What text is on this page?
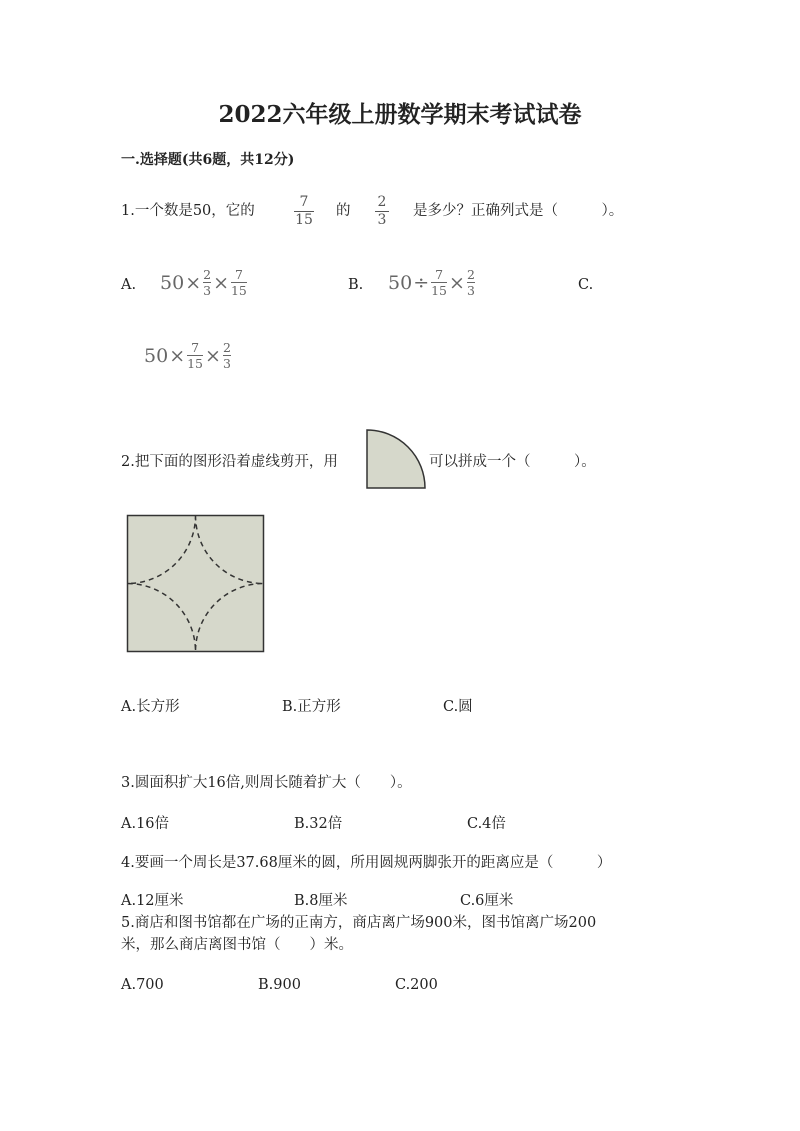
2022六年级上册数学期末考试试卷
一.选择题(共6题，共12分)
1.一个数是50，它的
7
15
的
2
3
是多少？正确列式是（　　　）。
A. 50 × 2
3 × 7
15	B. 50 ÷ 7
15 × 2
3	C.
50 × 7
15 × 2
3
2.把下面的图形沿着虚线剪开，用	可以拼成一个（　　　）。
A.长方形	B.正方形	C.圆
3.圆面积扩大16倍,则周长随着扩大（　　）。
A.16倍	B.32倍	C.4倍
4.要画一个周长是37.68厘米的圆，所用圆规两脚张开的距离应是（　　　）
A.12厘米	B.8厘米	C.6厘米
5.商店和图书馆都在广场的正南方，商店离广场900米，图书馆离广场200
米，那么商店离图书馆（　　）米。
A.700	B.900	C.200
